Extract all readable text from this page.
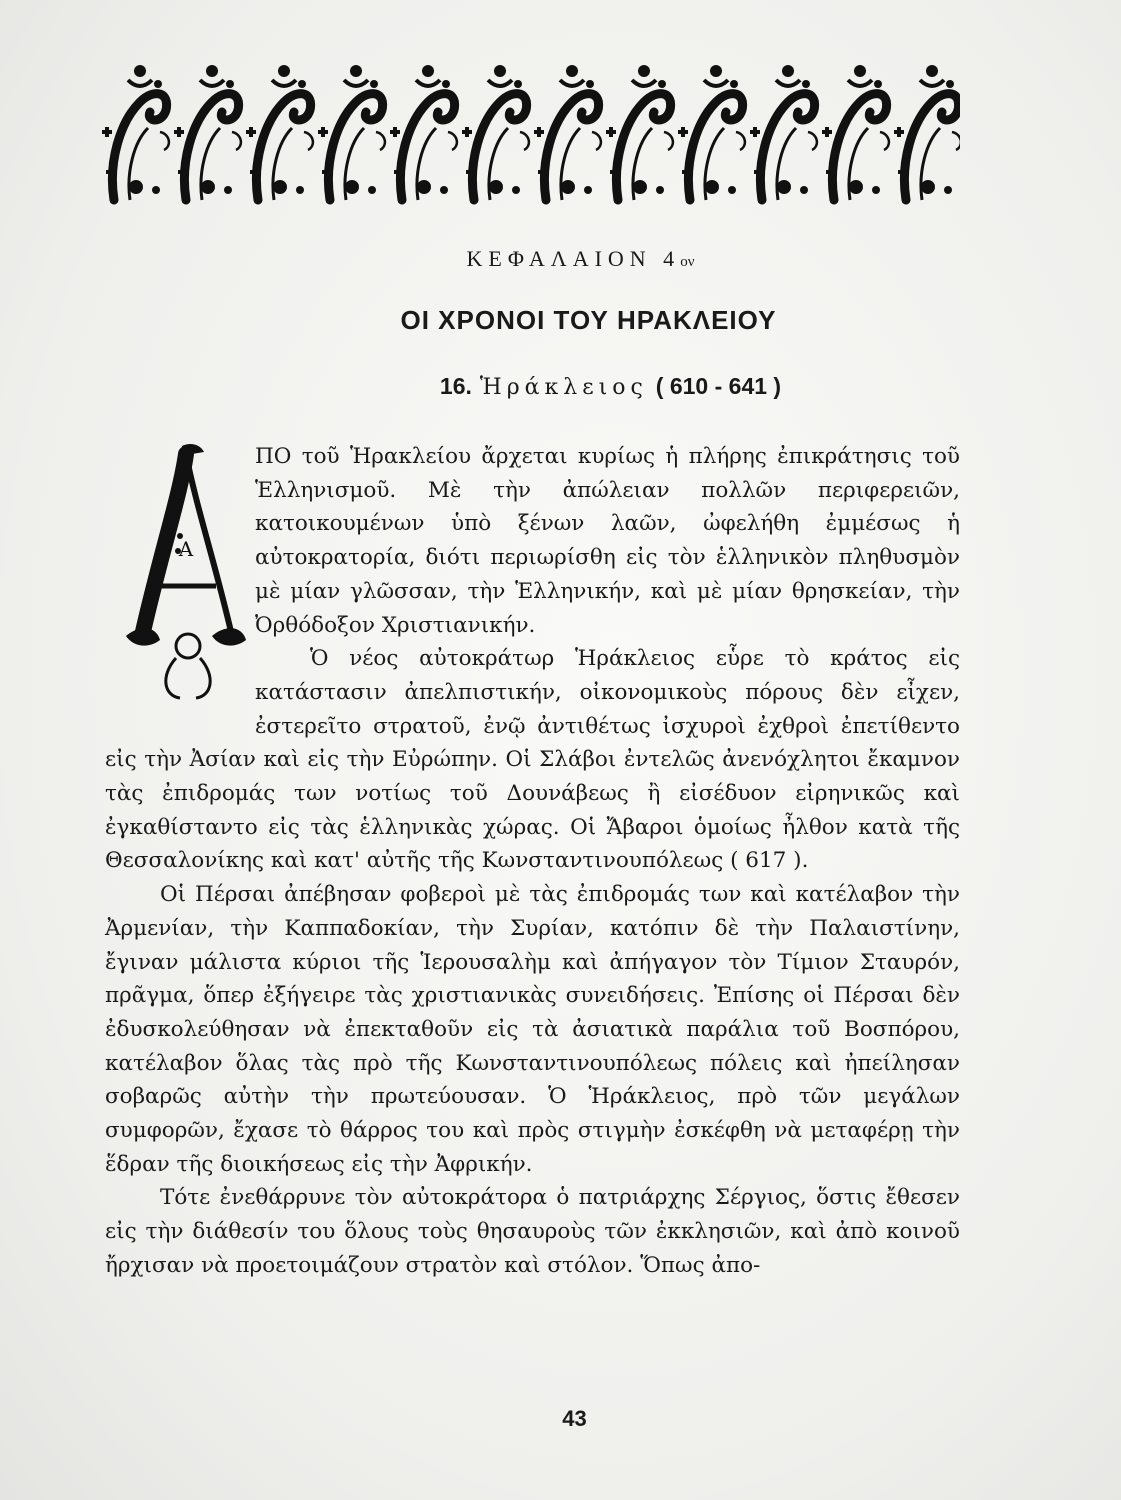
ΚΕΦΑΛΑΙΟΝ 4ον
ΟΙ ΧΡΟΝΟΙ ΤΟΥ ΗΡΑΚΛΕΙΟΥ
16. Ἡράκλειος ( 610 - 641 )
Α

ΠΟ τοῦ Ἡρακλείου ἄρχεται κυρίως ἡ πλήρης ἐπικράτησις τοῦ Ἑλληνισμοῦ. Μὲ τὴν ἀπώλειαν πολλῶν περιφερειῶν, κατοικουμένων ὑπὸ ξένων λαῶν, ὠφελήθη ἐμμέσως ἡ αὐτοκρατορία, διότι περιωρίσθη εἰς τὸν ἑλληνικὸν πληθυσμὸν μὲ μίαν γλῶσσαν, τὴν Ἑλληνικήν, καὶ μὲ μίαν θρησκείαν, τὴν Ὀρθόδοξον Χριστιανικήν.

Ὁ νέος αὐτοκράτωρ Ἡράκλειος εὗρε τὸ κράτος εἰς κατάστασιν ἀπελπιστικήν, οἰκονομικοὺς πόρους δὲν εἶχεν, ἐστερεῖτο στρατοῦ, ἐνῷ ἀντιθέτως ἰσχυροὶ ἐχθροὶ ἐπετίθεντο εἰς τὴν Ἀσίαν καὶ εἰς τὴν Εὐρώπην. Οἱ Σλάβοι ἐντελῶς ἀνενόχλητοι ἔκαμνον τὰς ἐπιδρομάς των νοτίως τοῦ Δουνάβεως ἢ εἰσέδυον εἰρηνικῶς καὶ ἐγκαθίσταντο εἰς τὰς ἑλληνικὰς χώρας. Οἱ Ἄβαροι ὁμοίως ἦλθον κατὰ τῆς Θεσσαλονίκης καὶ κατ' αὐτῆς τῆς Κωνσταντινουπόλεως ( 617 ).

Οἱ Πέρσαι ἀπέβησαν φοβεροὶ μὲ τὰς ἐπιδρομάς των καὶ κατέλαβον τὴν Ἀρμενίαν, τὴν Καππαδοκίαν, τὴν Συρίαν, κατόπιν δὲ τὴν Παλαιστίνην, ἔγιναν μάλιστα κύριοι τῆς Ἱερουσαλὴμ καὶ ἀπήγαγον τὸν Τίμιον Σταυρόν, πρᾶγμα, ὅπερ ἐξήγειρε τὰς χριστιανικὰς συνειδήσεις. Ἐπίσης οἱ Πέρσαι δὲν ἐδυσκολεύθησαν νὰ ἐπεκταθοῦν εἰς τὰ ἀσιατικὰ παράλια τοῦ Βοσπόρου, κατέλαβον ὅλας τὰς πρὸ τῆς Κωνσταντινουπόλεως πόλεις καὶ ἠπείλησαν σοβαρῶς αὐτὴν τὴν πρωτεύουσαν. Ὁ Ἡράκλειος, πρὸ τῶν μεγάλων συμφορῶν, ἔχασε τὸ θάρρος του καὶ πρὸς στιγμὴν ἐσκέφθη νὰ μεταφέρῃ τὴν ἕδραν τῆς διοικήσεως εἰς τὴν Ἀφρικήν.

Τότε ἐνεθάρρυνε τὸν αὐτοκράτορα ὁ πατριάρχης Σέργιος, ὅστις ἔθεσεν εἰς τὴν διάθεσίν του ὅλους τοὺς θησαυροὺς τῶν ἐκκλησιῶν, καὶ ἀπὸ κοινοῦ ἤρχισαν νὰ προετοιμάζουν στρατὸν καὶ στόλον. Ὅπως ἀπο-

43
